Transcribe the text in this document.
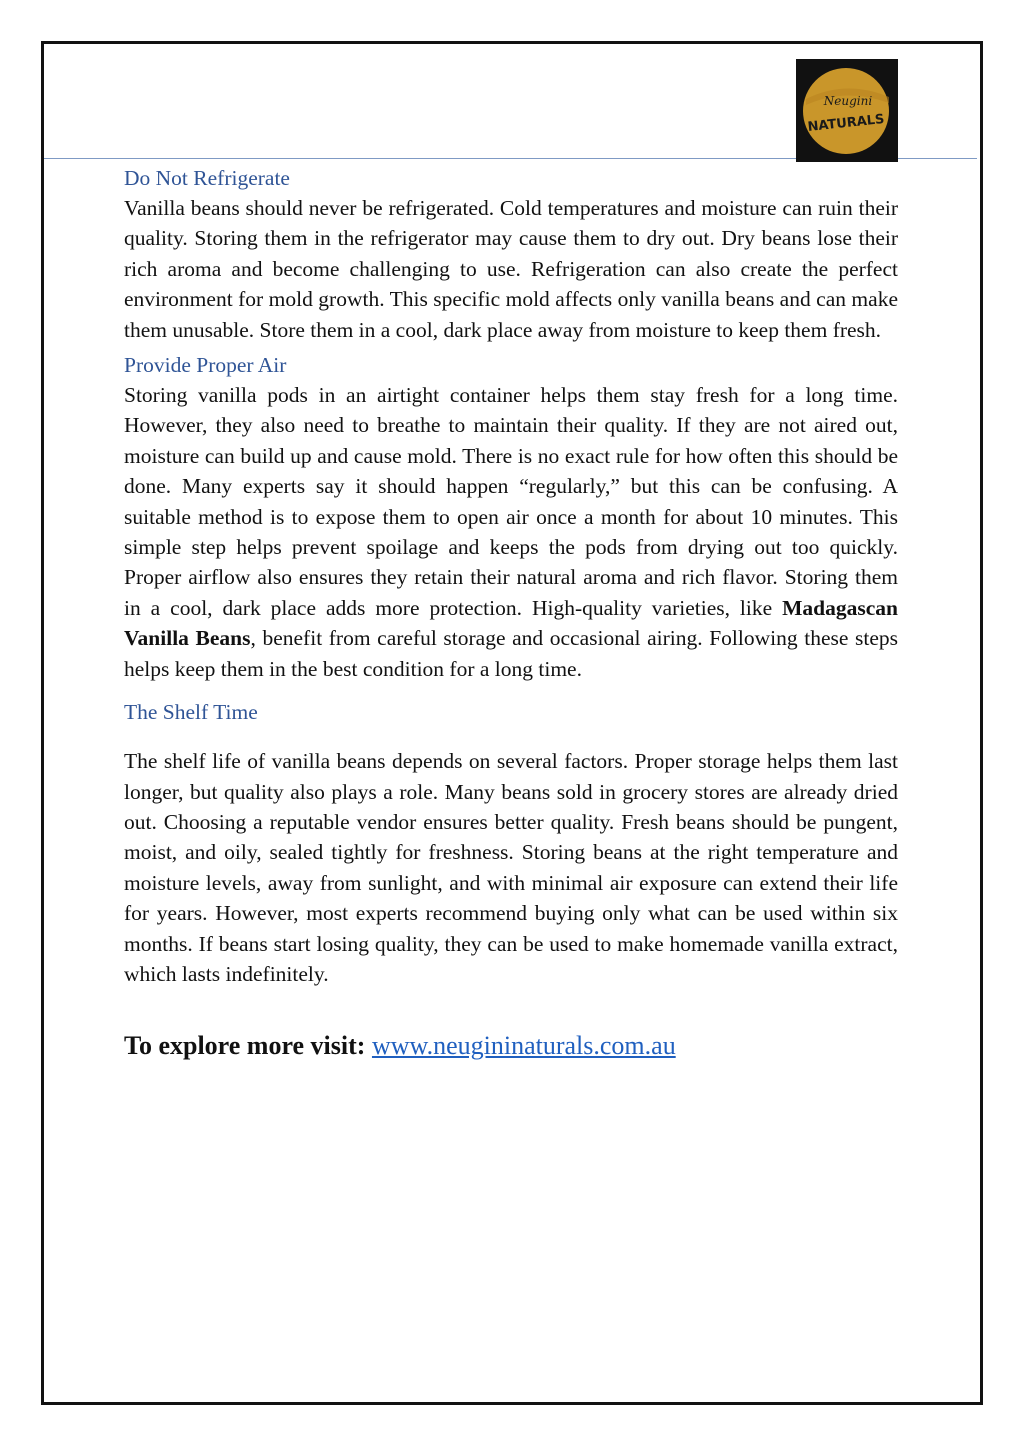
Neugini
NATURALS
Do Not Refrigerate

Vanilla beans should never be refrigerated. Cold temperatures and moisture can ruin their quality. Storing them in the refrigerator may cause them to dry out. Dry beans lose their rich aroma and become challenging to use. Refrigeration can also create the perfect environment for mold growth. This specific mold affects only vanilla beans and can make them unusable. Store them in a cool, dark place away from moisture to keep them fresh.

Provide Proper Air

Storing vanilla pods in an airtight container helps them stay fresh for a long time. However, they also need to breathe to maintain their quality. If they are not aired out, moisture can build up and cause mold. There is no exact rule for how often this should be done. Many experts say it should happen “regularly,” but this can be confusing. A suitable method is to expose them to open air once a month for about 10 minutes. This simple step helps prevent spoilage and keeps the pods from drying out too quickly. Proper airflow also ensures they retain their natural aroma and rich flavor. Storing them in a cool, dark place adds more protection. High-quality varieties, like Madagascan Vanilla Beans, benefit from careful storage and occasional airing. Following these steps helps keep them in the best condition for a long time.

The Shelf Time

The shelf life of vanilla beans depends on several factors. Proper storage helps them last longer, but quality also plays a role. Many beans sold in grocery stores are already dried out. Choosing a reputable vendor ensures better quality. Fresh beans should be pungent, moist, and oily, sealed tightly for freshness. Storing beans at the right temperature and moisture levels, away from sunlight, and with minimal air exposure can extend their life for years. However, most experts recommend buying only what can be used within six months. If beans start losing quality, they can be used to make homemade vanilla extract, which lasts indefinitely.

To explore more visit: www.neugininaturals.com.au
